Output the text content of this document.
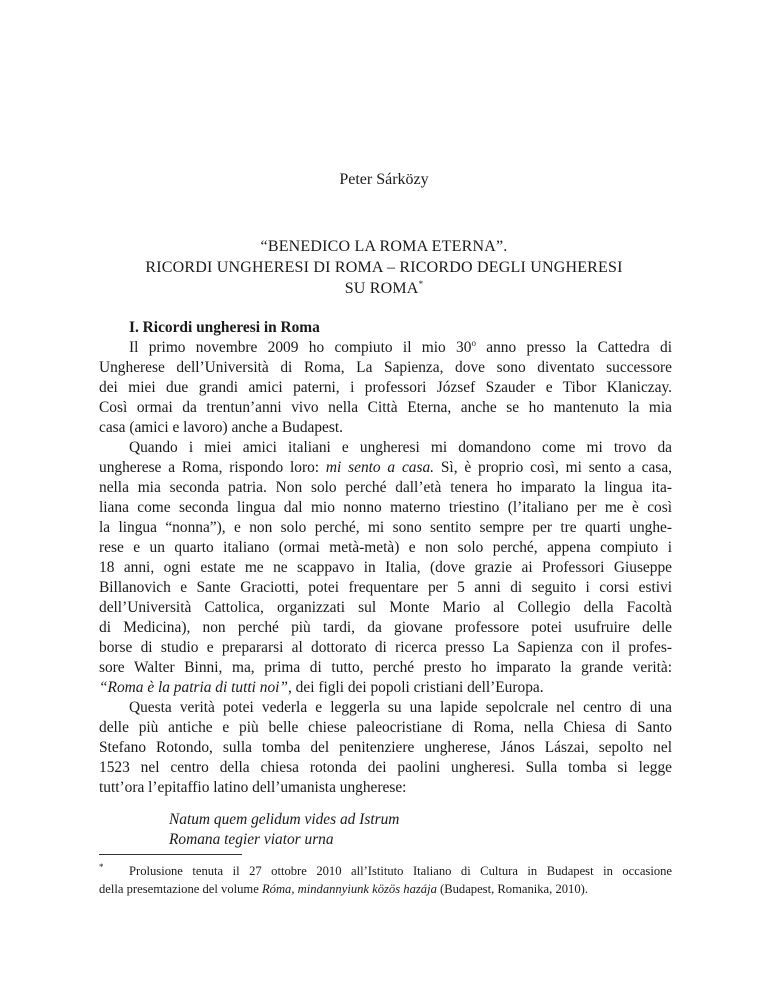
Peter Sárközy
“BENEDICO LA ROMA ETERNA”.
RICORDI UNGHERESI DI ROMA – RICORDO DEGLI UNGHERESI
SU ROMA*
I. Ricordi ungheresi in Roma
Il primo novembre 2009 ho compiuto il mio 30$^o$ anno presso la Cattedra di
Ungherese dell’Università di Roma, La Sapienza, dove sono diventato successore
dei miei due grandi amici paterni, i professori József Szauder e Tibor Klaniczay.
Così ormai da trentun’anni vivo nella Città Eterna, anche se ho mantenuto la mia
casa (amici e lavoro) anche a Budapest.
Quando i miei amici italiani e ungheresi mi domandono come mi trovo da
ungherese a Roma, rispondo loro: mi sento a casa. Sì, è proprio così, mi sento a casa,
nella mia seconda patria. Non solo perché dall’età tenera ho imparato la lingua ita-
liana come seconda lingua dal mio nonno materno triestino (l’italiano per me è così
la lingua “nonna”), e non solo perché, mi sono sentito sempre per tre quarti unghe-
rese e un quarto italiano (ormai metà-metà) e non solo perché, appena compiuto i
18 anni, ogni estate me ne scappavo in Italia, (dove grazie ai Professori Giuseppe
Billanovich e Sante Graciotti, potei frequentare per 5 anni di seguito i corsi estivi
dell’Università Cattolica, organizzati sul Monte Mario al Collegio della Facoltà
di Medicina), non perché più tardi, da giovane professore potei usufruire delle
borse di studio e prepararsi al dottorato di ricerca presso La Sapienza con il profes-
sore Walter Binni, ma, prima di tutto, perché presto ho imparato la grande verità:
“Roma è la patria di tutti noi”, dei figli dei popoli cristiani dell’Europa.
Questa verità potei vederla e leggerla su una lapide sepolcrale nel centro di una
delle più antiche e più belle chiese paleocristiane di Roma, nella Chiesa di Santo
Stefano Rotondo, sulla tomba del penitenziere ungherese, János Lászai, sepolto nel
1523 nel centro della chiesa rotonda dei paolini ungheresi. Sulla tomba si legge
tutt’ora l’epitaffio latino dell’umanista ungherese:
Natum quem gelidum vides ad Istrum
Romana tegier viator urna
* Prolusione tenuta il 27 ottobre 2010 all’Istituto Italiano di Cultura in Budapest in occasione
della presemtazione del volume Róma, mindannyiunk közös hazája (Budapest, Romanika, 2010).
